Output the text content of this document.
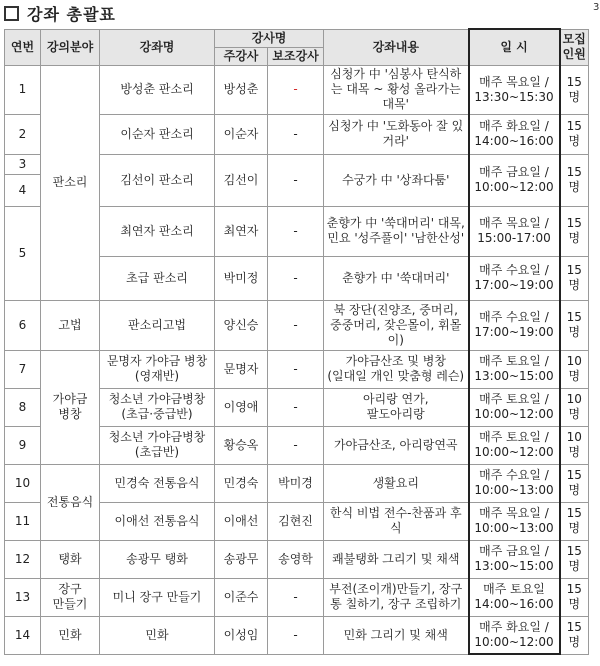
강좌 총괄표	3
연번	강의분야	강좌명	강사명		강좌내용	일 시	모집
인원
			주강사	보조강사			
1	판소리	방성춘 판소리	방성춘	-	심청가 中 '심봉사 탄식하는 대목 ~ 황성 올라가는 대목'	매주 목요일 /
13:30~15:30	15명
2		이순자 판소리	이순자	-	심청가 中 '도화동아 잘 있거라'	매주 화요일 /
14:00~16:00	15명
3		김선이 판소리	김선이	-	수궁가 中 '상좌다툼'	매주 금요일 /
10:00~12:00	15명
4							
5		최연자 판소리	최연자	-	춘향가 中 '쑥대머리' 대목, 민요 '성주풀이' '남한산성'	매주 목요일 /
15:00-17:00	15명
		초급 판소리	박미정	-	춘향가 中 '쑥대머리'	매주 수요일 /
17:00~19:00	15명
6	고법	판소리고법	양신승	-	북 장단(진양조, 중머리, 중중머리, 잦은몰이, 휘몰이)	매주 수요일 /
17:00~19:00	15명
7	가야금
병창	문명자 가야금 병창
(영재반)	문명자	-	가야금산조 및 병창
(일대일 개인 맞춤형 레슨)	매주 토요일 /
13:00~15:00	10명
8		청소년 가야금병창
(초급·중급반)	이영애	-	아리랑 연가,
팔도아리랑	매주 토요일 /
10:00~12:00	10명
9		청소년 가야금병창
(초급반)	황승옥	-	가야금산조, 아리랑연곡	매주 토요일 /
10:00~12:00	10명
10	전통음식	민경숙 전통음식	민경숙	박미경	생활요리	매주 수요일 /
10:00~13:00	15명
11		이애선 전통음식	이애선	김현진	한식 비법 전수-찬품과 후식	매주 목요일 /
10:00~13:00	15명
12	탱화	송광무 탱화	송광무	송영학	쾌불탱화 그리기 및 채색	매주 금요일 /
13:00~15:00	15명
13	장구
만들기	미니 장구 만들기	이준수	-	부전(조이개)만들기, 장구통 칠하기, 장구 조립하기	매주 토요일
14:00~16:00	15명
14	민화	민화	이성임	-	민화 그리기 및 채색	매주 화요일 /
10:00~12:00	15명
